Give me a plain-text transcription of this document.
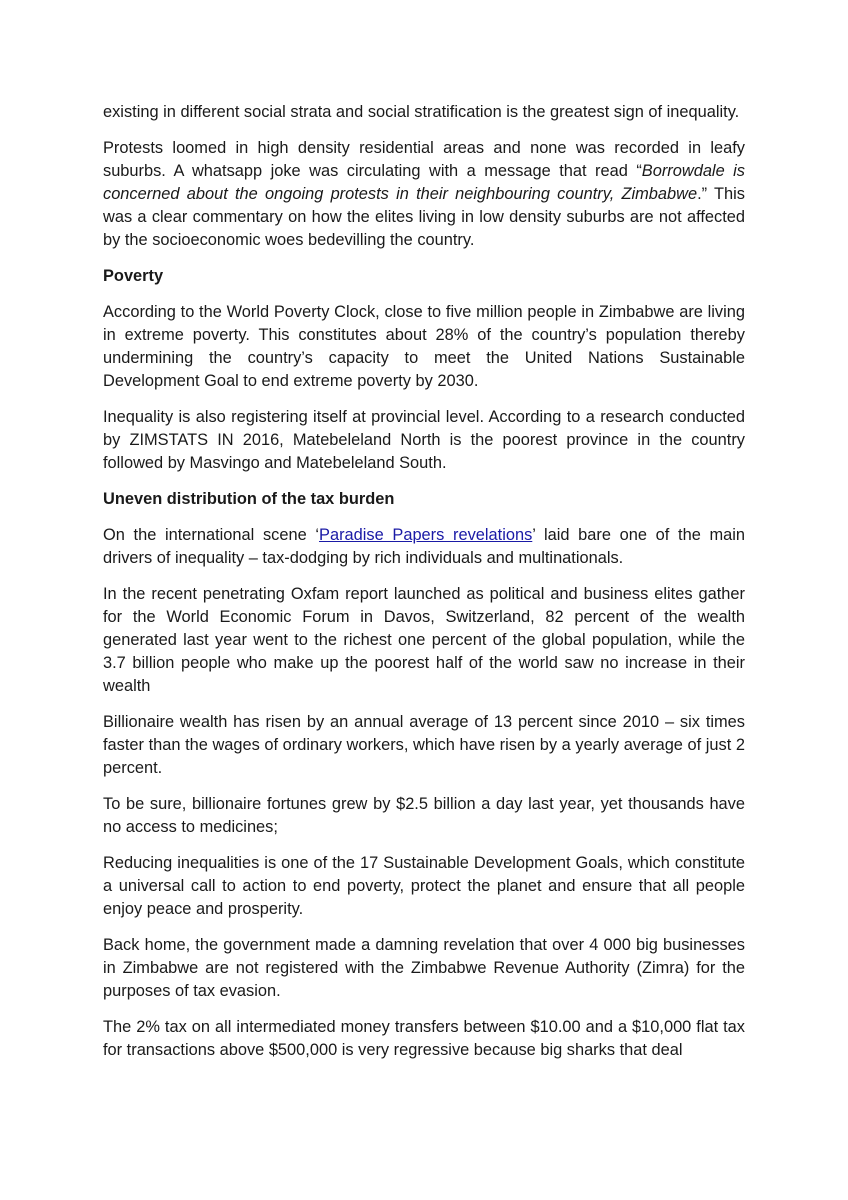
existing in different social strata and social stratification is the greatest sign of inequality.

Protests loomed in high density residential areas and none was recorded in leafy suburbs. A whatsapp joke was circulating with a message that read “Borrowdale is concerned about the ongoing protests in their neighbouring country, Zimbabwe.” This was a clear commentary on how the elites living in low density suburbs are not affected by the socioeconomic woes bedevilling the country.

Poverty

According to the World Poverty Clock, close to five million people in Zimbabwe are living in extreme poverty. This constitutes about 28% of the country’s population thereby undermining the country’s capacity to meet the United Nations Sustainable Development Goal to end extreme poverty by 2030.

Inequality is also registering itself at provincial level. According to a research conducted by ZIMSTATS IN 2016, Matebeleland North is the poorest province in the country followed by Masvingo and Matebeleland South.

Uneven distribution of the tax burden

On the international scene ‘Paradise Papers revelations’ laid bare one of the main drivers of inequality – tax-dodging by rich individuals and multinationals.

In the recent penetrating Oxfam report launched as political and business elites gather for the World Economic Forum in Davos, Switzerland, 82 percent of the wealth generated last year went to the richest one percent of the global population, while the 3.7 billion people who make up the poorest half of the world saw no increase in their wealth

Billionaire wealth has risen by an annual average of 13 percent since 2010 – six times faster than the wages of ordinary workers, which have risen by a yearly average of just 2 percent.

To be sure, billionaire fortunes grew by $2.5 billion a day last year, yet thousands have no access to medicines;

Reducing inequalities is one of the 17 Sustainable Development Goals, which constitute a universal call to action to end poverty, protect the planet and ensure that all people enjoy peace and prosperity.

Back home, the government made a damning revelation that over 4 000 big businesses in Zimbabwe are not registered with the Zimbabwe Revenue Authority (Zimra) for the purposes of tax evasion.

The 2% tax on all intermediated money transfers between $10.00 and a $10,000 flat tax for transactions above $500,000 is very regressive because big sharks that deal
